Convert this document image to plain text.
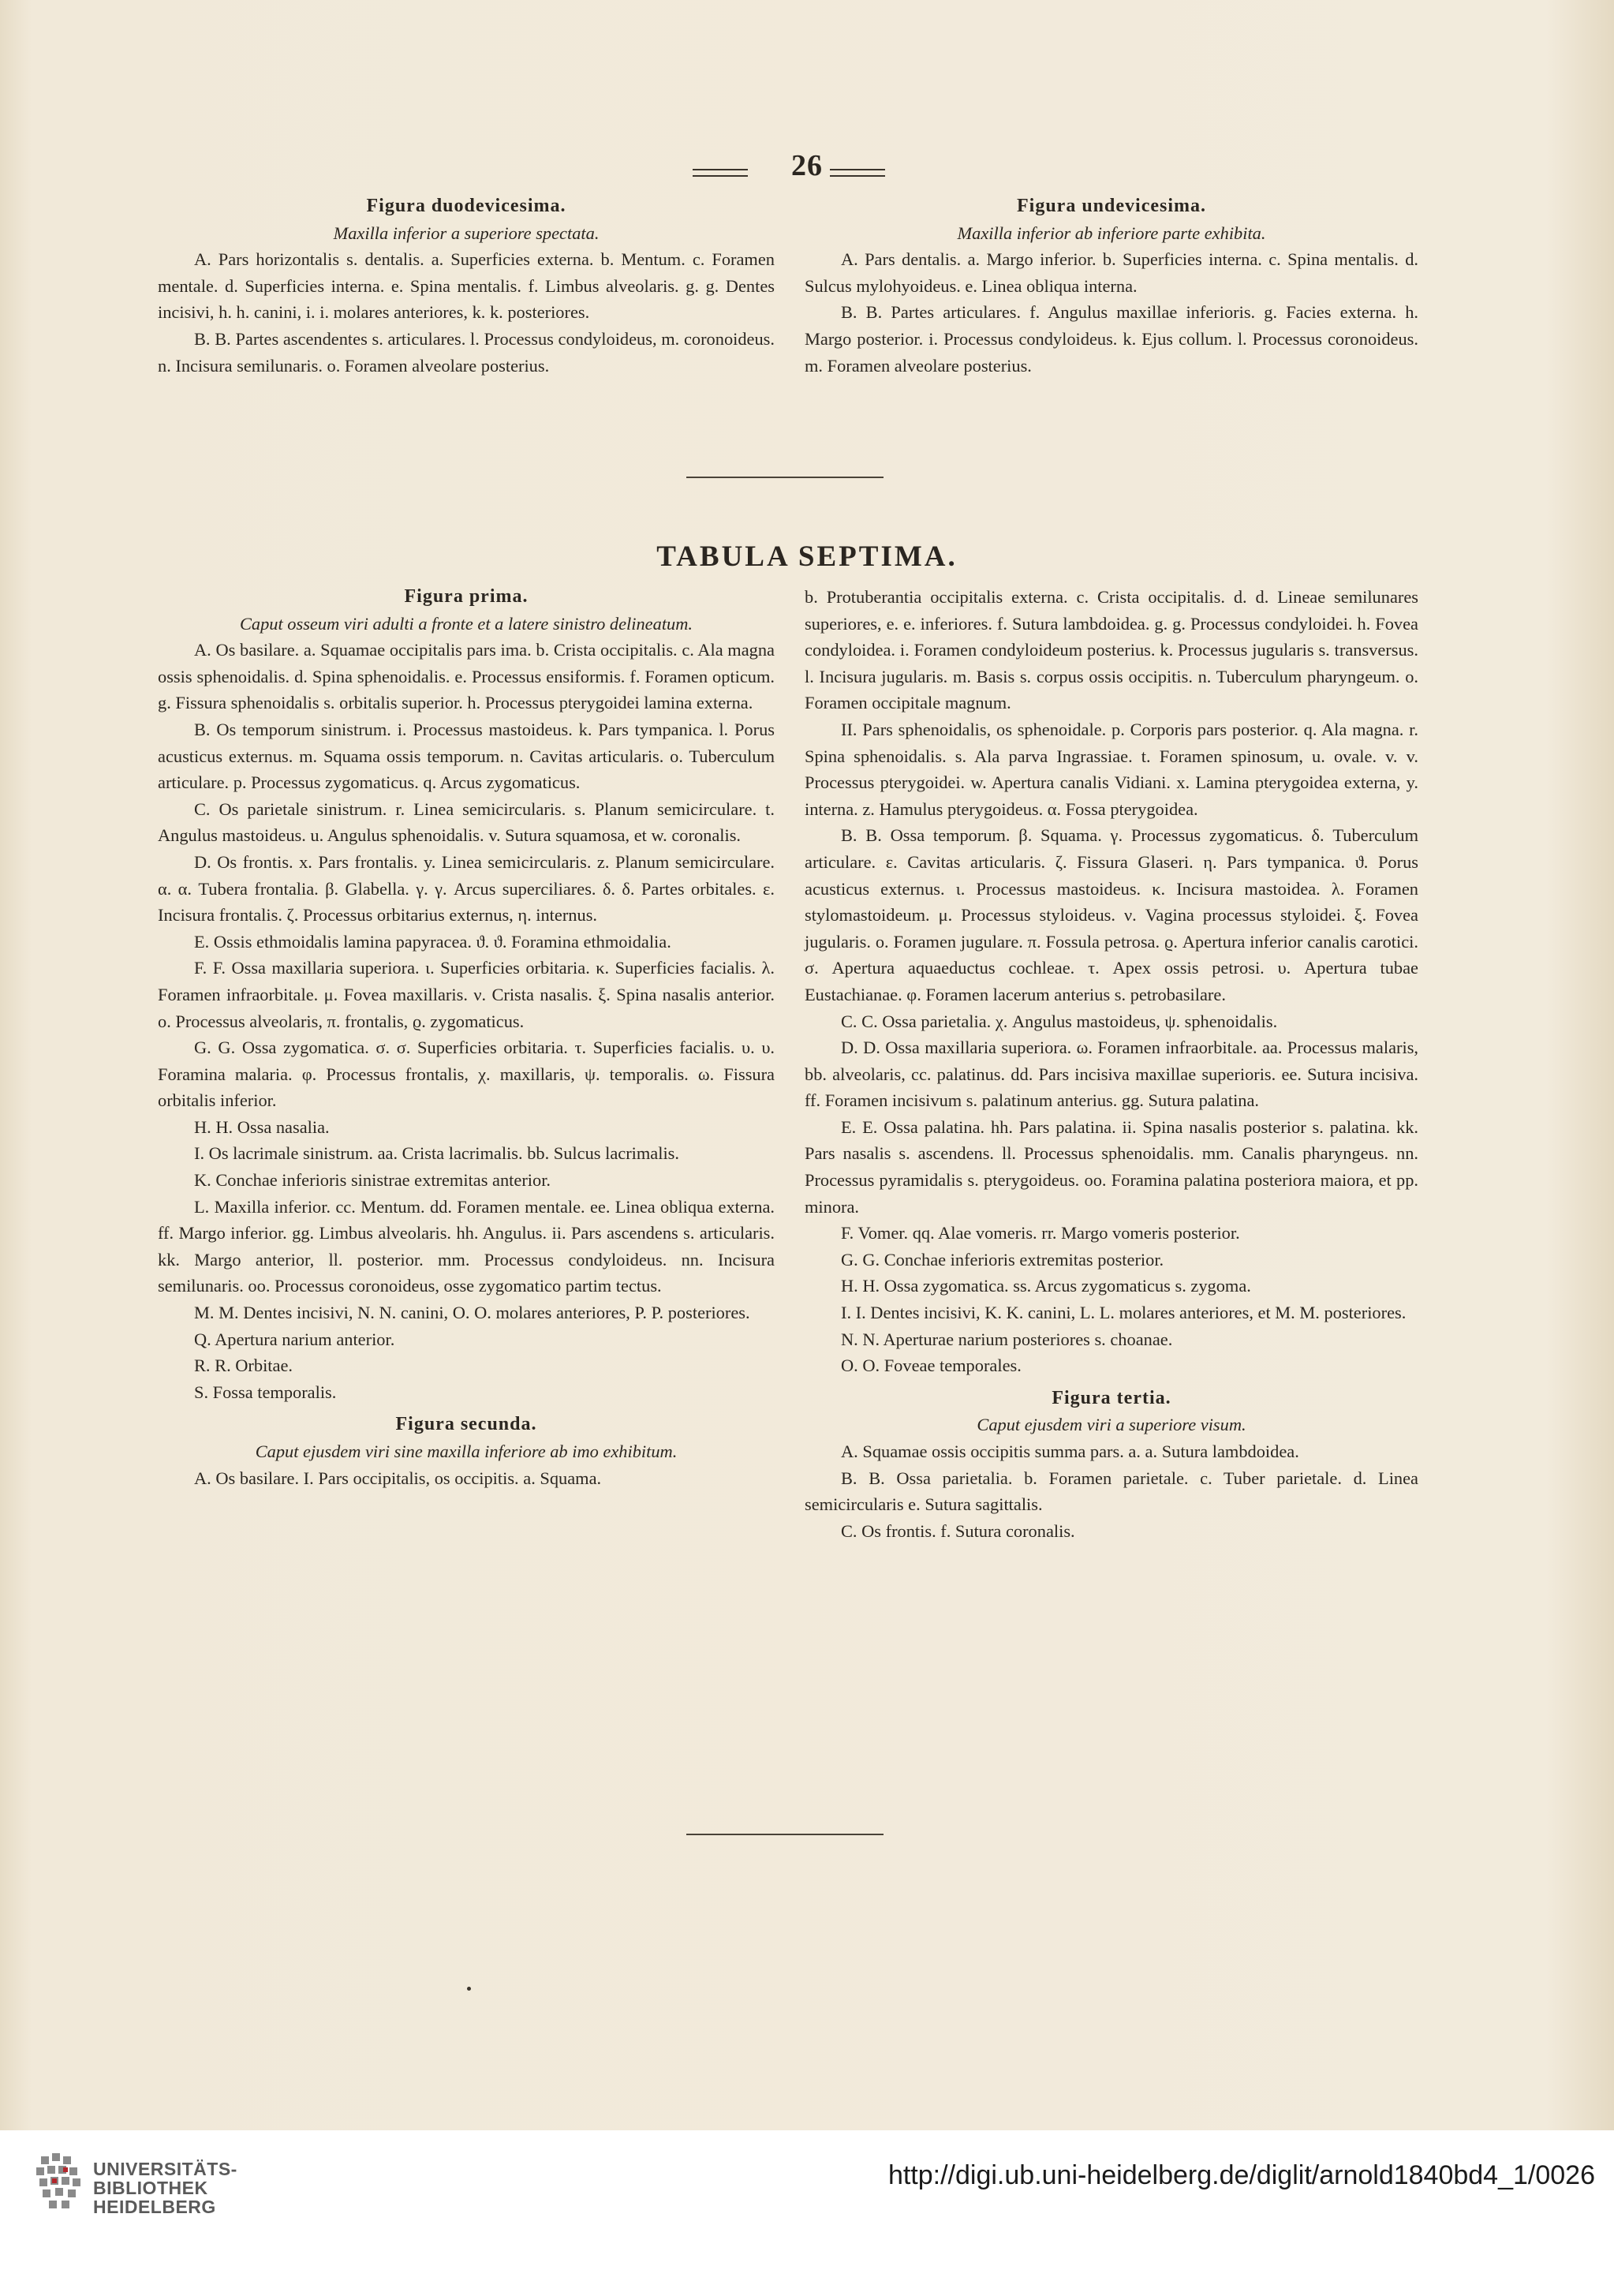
26

Figura duodevicesima.

Maxilla inferior a superiore spectata.

A. Pars horizontalis s. dentalis. a. Superficies externa. b. Mentum. c. Foramen mentale. d. Superficies interna. e. Spina mentalis. f. Limbus alveolaris. g. g. Dentes incisivi, h. h. canini, i. i. molares anteriores, k. k. posteriores.

B. B. Partes ascendentes s. articulares. l. Processus condyloideus, m. coronoideus. n. Incisura semilunaris. o. Foramen alveolare posterius.

Figura undevicesima.

Maxilla inferior ab inferiore parte exhibita.

A. Pars dentalis. a. Margo inferior. b. Superficies interna. c. Spina mentalis. d. Sulcus mylohyoideus. e. Linea obliqua interna.

B. B. Partes articulares. f. Angulus maxillae inferioris. g. Facies externa. h. Margo posterior. i. Processus condyloideus. k. Ejus collum. l. Processus coronoideus. m. Foramen alveolare posterius.

TABULA SEPTIMA.

Figura prima.

Caput osseum viri adulti a fronte et a latere sinistro delineatum.

A. Os basilare. a. Squamae occipitalis pars ima. b. Crista occipitalis. c. Ala magna ossis sphenoidalis. d. Spina sphenoidalis. e. Processus ensiformis. f. Foramen opticum. g. Fissura sphenoidalis s. orbitalis superior. h. Processus pterygoidei lamina externa.

B. Os temporum sinistrum. i. Processus mastoideus. k. Pars tympanica. l. Porus acusticus externus. m. Squama ossis temporum. n. Cavitas articularis. o. Tuberculum articulare. p. Processus zygomaticus. q. Arcus zygomaticus.

C. Os parietale sinistrum. r. Linea semicircularis. s. Planum semicirculare. t. Angulus mastoideus. u. Angulus sphenoidalis. v. Sutura squamosa, et w. coronalis.

D. Os frontis. x. Pars frontalis. y. Linea semicircularis. z. Planum semicirculare. α. α. Tubera frontalia. β. Glabella. γ. γ. Arcus superciliares. δ. δ. Partes orbitales. ε. Incisura frontalis. ζ. Processus orbitarius externus, η. internus.

E. Ossis ethmoidalis lamina papyracea. ϑ. ϑ. Foramina ethmoidalia.

F. F. Ossa maxillaria superiora. ι. Superficies orbitaria. κ. Superficies facialis. λ. Foramen infraorbitale. μ. Fovea maxillaris. ν. Crista nasalis. ξ. Spina nasalis anterior. ο. Processus alveolaris, π. frontalis, ϱ. zygomaticus.

G. G. Ossa zygomatica. σ. σ. Superficies orbitaria. τ. Superficies facialis. υ. υ. Foramina malaria. φ. Processus frontalis, χ. maxillaris, ψ. temporalis. ω. Fissura orbitalis inferior.

H. H. Ossa nasalia.

I. Os lacrimale sinistrum. aa. Crista lacrimalis. bb. Sulcus lacrimalis.

K. Conchae inferioris sinistrae extremitas anterior.

L. Maxilla inferior. cc. Mentum. dd. Foramen mentale. ee. Linea obliqua externa. ff. Margo inferior. gg. Limbus alveolaris. hh. Angulus. ii. Pars ascendens s. articularis. kk. Margo anterior, ll. posterior. mm. Processus condyloideus. nn. Incisura semilunaris. oo. Processus coronoideus, osse zygomatico partim tectus.

M. M. Dentes incisivi, N. N. canini, O. O. molares anteriores, P. P. posteriores.

Q. Apertura narium anterior.

R. R. Orbitae.

S. Fossa temporalis.

Figura secunda.

Caput ejusdem viri sine maxilla inferiore ab imo exhibitum.

A. Os basilare. I. Pars occipitalis, os occipitis. a. Squama.

b. Protuberantia occipitalis externa. c. Crista occipitalis. d. d. Lineae semilunares superiores, e. e. inferiores. f. Sutura lambdoidea. g. g. Processus condyloidei. h. Fovea condyloidea. i. Foramen condyloideum posterius. k. Processus jugularis s. transversus. l. Incisura jugularis. m. Basis s. corpus ossis occipitis. n. Tuberculum pharyngeum. o. Foramen occipitale magnum.

II. Pars sphenoidalis, os sphenoidale. p. Corporis pars posterior. q. Ala magna. r. Spina sphenoidalis. s. Ala parva Ingrassiae. t. Foramen spinosum, u. ovale. v. v. Processus pterygoidei. w. Apertura canalis Vidiani. x. Lamina pterygoidea externa, y. interna. z. Hamulus pterygoideus. α. Fossa pterygoidea.

B. B. Ossa temporum. β. Squama. γ. Processus zygomaticus. δ. Tuberculum articulare. ε. Cavitas articularis. ζ. Fissura Glaseri. η. Pars tympanica. ϑ. Porus acusticus externus. ι. Processus mastoideus. κ. Incisura mastoidea. λ. Foramen stylomastoideum. μ. Processus styloideus. ν. Vagina processus styloidei. ξ. Fovea jugularis. ο. Foramen jugulare. π. Fossula petrosa. ϱ. Apertura inferior canalis carotici. σ. Apertura aquaeductus cochleae. τ. Apex ossis petrosi. υ. Apertura tubae Eustachianae. φ. Foramen lacerum anterius s. petrobasilare.

C. C. Ossa parietalia. χ. Angulus mastoideus, ψ. sphenoidalis.

D. D. Ossa maxillaria superiora. ω. Foramen infraorbitale. aa. Processus malaris, bb. alveolaris, cc. palatinus. dd. Pars incisiva maxillae superioris. ee. Sutura incisiva. ff. Foramen incisivum s. palatinum anterius. gg. Sutura palatina.

E. E. Ossa palatina. hh. Pars palatina. ii. Spina nasalis posterior s. palatina. kk. Pars nasalis s. ascendens. ll. Processus sphenoidalis. mm. Canalis pharyngeus. nn. Processus pyramidalis s. pterygoideus. oo. Foramina palatina posteriora maiora, et pp. minora.

F. Vomer. qq. Alae vomeris. rr. Margo vomeris posterior.

G. G. Conchae inferioris extremitas posterior.

H. H. Ossa zygomatica. ss. Arcus zygomaticus s. zygoma.

I. I. Dentes incisivi, K. K. canini, L. L. molares anteriores, et M. M. posteriores.

N. N. Aperturae narium posteriores s. choanae.

O. O. Foveae temporales.

Figura tertia.

Caput ejusdem viri a superiore visum.

A. Squamae ossis occipitis summa pars. a. a. Sutura lambdoidea.

B. B. Ossa parietalia. b. Foramen parietale. c. Tuber parietale. d. Linea semicircularis e. Sutura sagittalis.

C. Os frontis. f. Sutura coronalis.

UNIVERSITÄTS-
BIBLIOTHEK
HEIDELBERG
http://digi.ub.uni-heidelberg.de/diglit/arnold1840bd4_1/0026
